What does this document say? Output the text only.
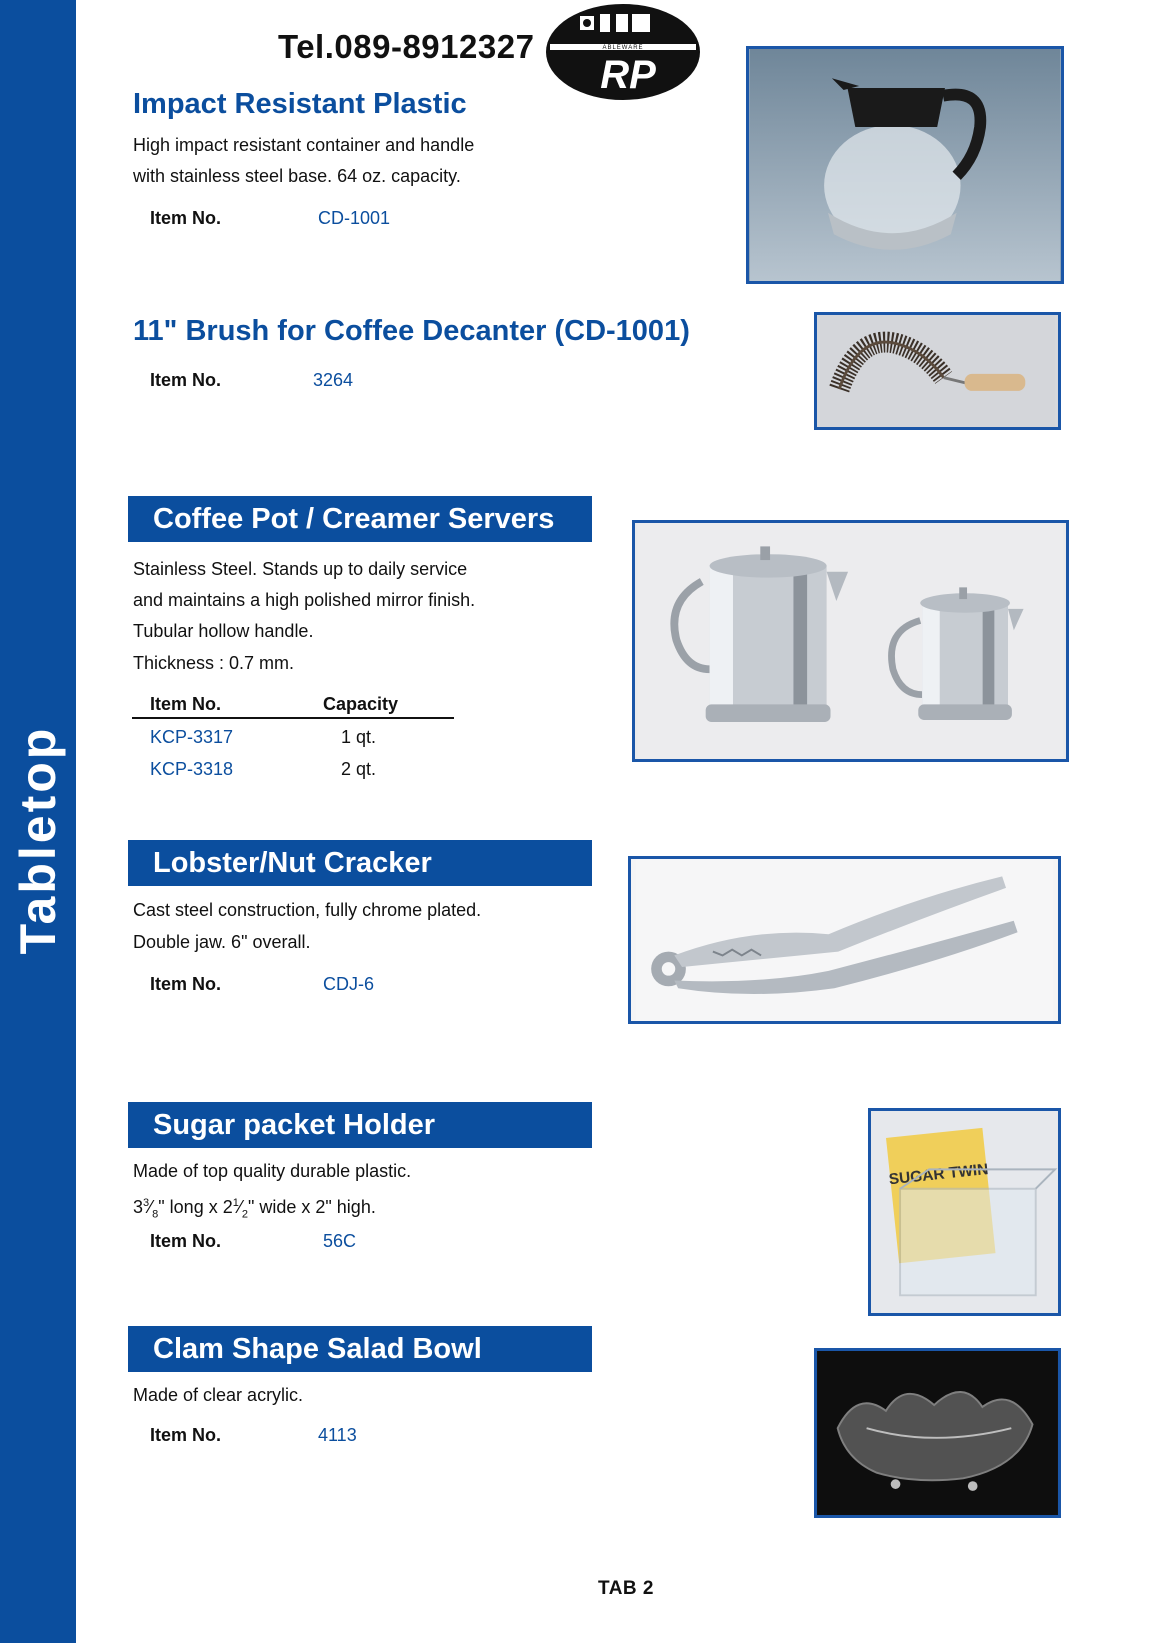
Tabletop
Tel.089-8912327	ABLEWARE
RP
Impact Resistant Plastic
High impact resistant container and handle
with stainless steel base. 64 oz. capacity.
Item No.	CD-1001
11" Brush for Coffee Decanter (CD-1001)
Item No.	3264
Coffee Pot / Creamer Servers
Stainless Steel. Stands up to daily service
and maintains a high polished mirror finish.
Tubular hollow handle.
Thickness : 0.7 mm.
Item No.	Capacity
KCP-3317	1 qt.
KCP-3318	2 qt.
Lobster/Nut Cracker
Cast steel construction, fully chrome plated.
Double jaw. 6" overall.
Item No.	CDJ-6
Sugar packet Holder
Made of top quality durable plastic.
$3^3⁄_8$" long x $2^1⁄_2$" wide x 2" high.
Item No.	56C
SUGAR TWIN
Clam Shape Salad Bowl
Made of clear acrylic.
Item No.	4113
TAB 2
